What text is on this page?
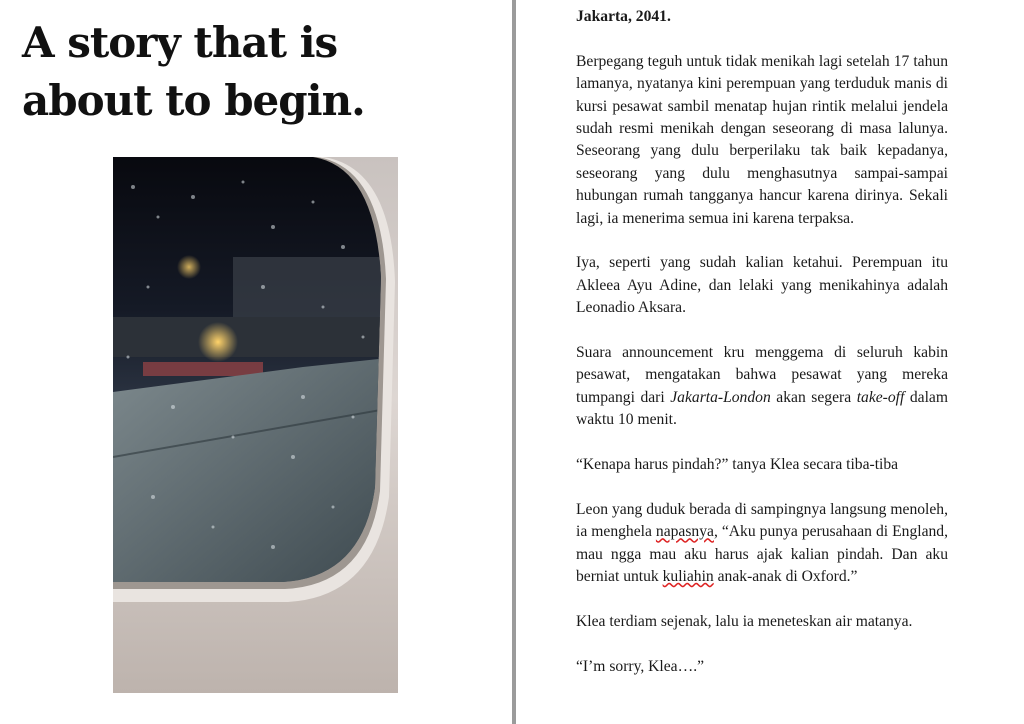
A story that is
about to begin.

Jakarta, 2041.

Berpegang teguh untuk tidak menikah lagi setelah 17 tahun lamanya, nyatanya kini perempuan yang terduduk manis di kursi pesawat sambil menatap hujan rintik melalui jendela sudah resmi menikah dengan seseorang di masa lalunya. Seseorang yang dulu berperilaku tak baik kepadanya, seseorang yang dulu menghasutnya sampai-sampai hubungan rumah tangganya hancur karena dirinya. Sekali lagi, ia menerima semua ini karena terpaksa.

Iya, seperti yang sudah kalian ketahui. Perempuan itu Akleea Ayu Adine, dan lelaki yang menikahinya adalah Leonadio Aksara.

Suara announcement kru menggema di seluruh kabin pesawat, mengatakan bahwa pesawat yang mereka tumpangi dari Jakarta-London akan segera take-off dalam waktu 10 menit.

“Kenapa harus pindah?” tanya Klea secara tiba-tiba

Leon yang duduk berada di sampingnya langsung menoleh, ia menghela napasnya, “Aku punya perusahaan di England, mau ngga mau aku harus ajak kalian pindah. Dan aku berniat untuk kuliahin anak-anak di Oxford.”

Klea terdiam sejenak, lalu ia meneteskan air matanya.

“I’m sorry, Klea….”
